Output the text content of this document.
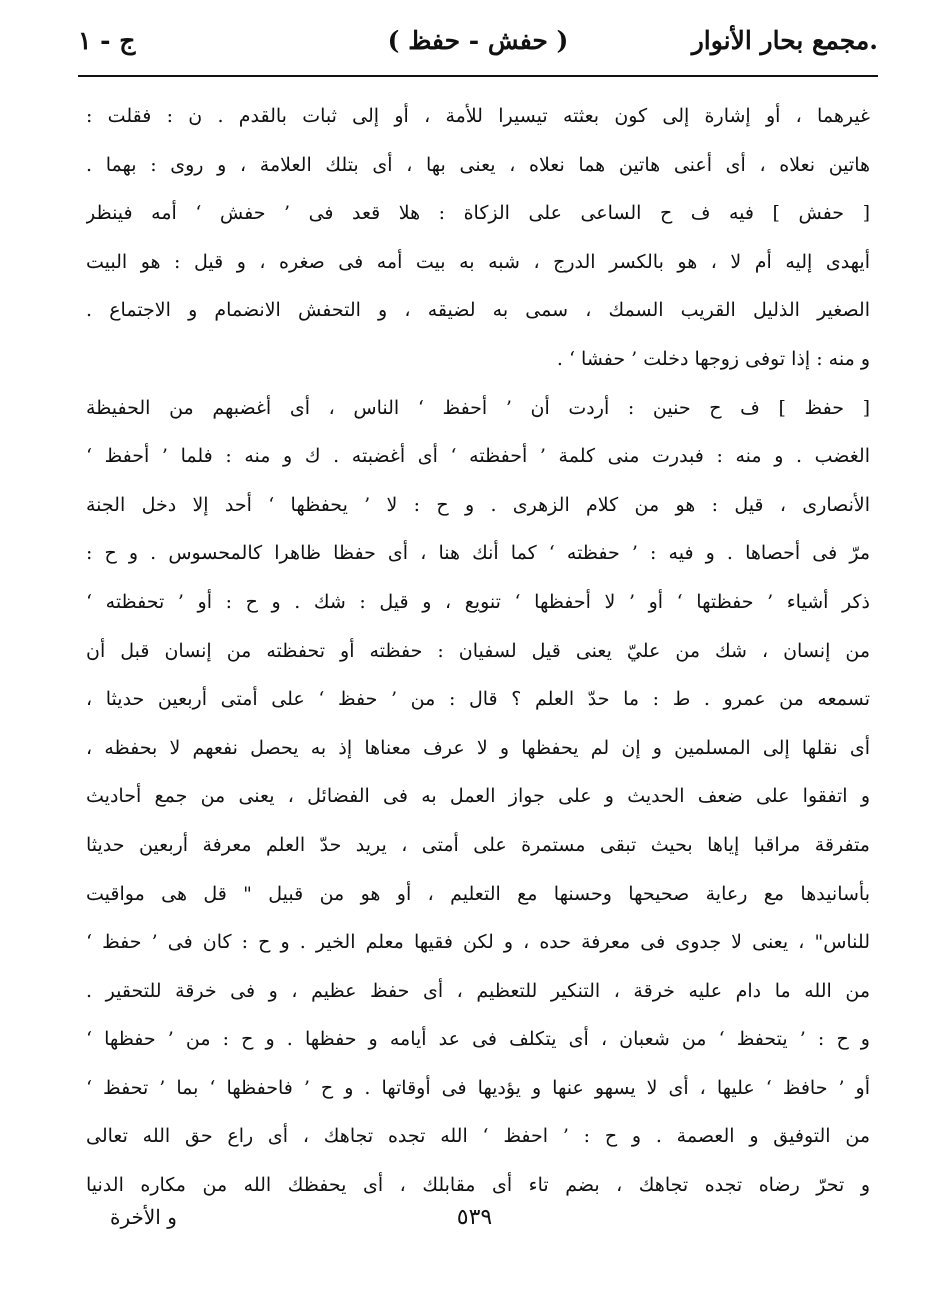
.مجمع بحار الأنوار
( حفش - حفظ )
ج - ١
غيرهما ، أو إشارة إلى كون بعثته تيسيرا للأمة ، أو إلى ثبات بالقدم . ن : فقلت :
هاتين نعلاه ، أى أعنى هاتين هما نعلاه ، يعنى بها ، أى بتلك العلامة ، و روى : بهما .
[ حفش ] فيه ف ح الساعى على الزكاة : هلا قعد فى ’ حفش ‘ أمه فينظر
أيهدى إليه أم لا ، هو بالكسر الدرج ، شبه به بيت أمه فى صغره ، و قيل : هو البيت
الصغير الذليل القريب السمك ، سمى به لضيقه ، و التحفش الانضمام و الاجتماع .
و منه : إذا توفى زوجها دخلت ’ حفشا ‘ .
[ حفظ ] ف ح حنين : أردت أن ’ أحفظ ‘ الناس ، أى أغضبهم من الحفيظة
الغضب . و منه : فبدرت منى كلمة ’ أحفظته ‘ أى أغضبته . ك و منه : فلما ’ أحفظ ‘
الأنصارى ، قيل : هو من كلام الزهرى . و ح : لا ’ يحفظها ‘ أحد إلا دخل الجنة
مرّ فى أحصاها . و فيه : ’ حفظته ‘ كما أنك هنا ، أى حفظا ظاهرا كالمحسوس . و ح :
ذكر أشياء ’ حفظتها ‘ أو ’ لا أحفظها ‘ تنويع ، و قيل : شك . و ح : أو ’ تحفظته ‘
من إنسان ، شك من عليّ يعنى قيل لسفيان : حفظته أو تحفظته من إنسان قبل أن
تسمعه من عمرو . ط : ما حدّ العلم ؟ قال : من ’ حفظ ‘ على أمتى أربعين حديثا ،
أى نقلها إلى المسلمين و إن لم يحفظها و لا عرف معناها إذ به يحصل نفعهم لا بحفظه ،
و اتفقوا على ضعف الحديث و على جواز العمل به فى الفضائل ، يعنى من جمع أحاديث
متفرقة مراقبا إياها بحيث تبقى مستمرة على أمتى ، يريد حدّ العلم معرفة أربعين حديثا
بأسانيدها مع رعاية صحيحها وحسنها مع التعليم ، أو هو من قبيل " قل هى مواقيت
للناس" ، يعنى لا جدوى فى معرفة حده ، و لكن فقيها معلم الخير . و ح : كان فى ’ حفظ ‘
من الله ما دام عليه خرقة ، التنكير للتعظيم ، أى حفظ عظيم ، و فى خرقة للتحقير .
و ح : ’ يتحفظ ‘ من شعبان ، أى يتكلف فى عد أيامه و حفظها . و ح : من ’ حفظها ‘
أو ’ حافظ ‘ عليها ، أى لا يسهو عنها و يؤديها فى أوقاتها . و ح ’ فاحفظها ‘ بما ’ تحفظ ‘
من التوفيق و العصمة . و ح : ’ احفظ ‘ الله تجده تجاهك ، أى راع حق الله تعالى
و تحرّ رضاه تجده تجاهك ، بضم تاء أى مقابلك ، أى يحفظك الله من مكاره الدنيا
٥٣٩
و الأخرة
